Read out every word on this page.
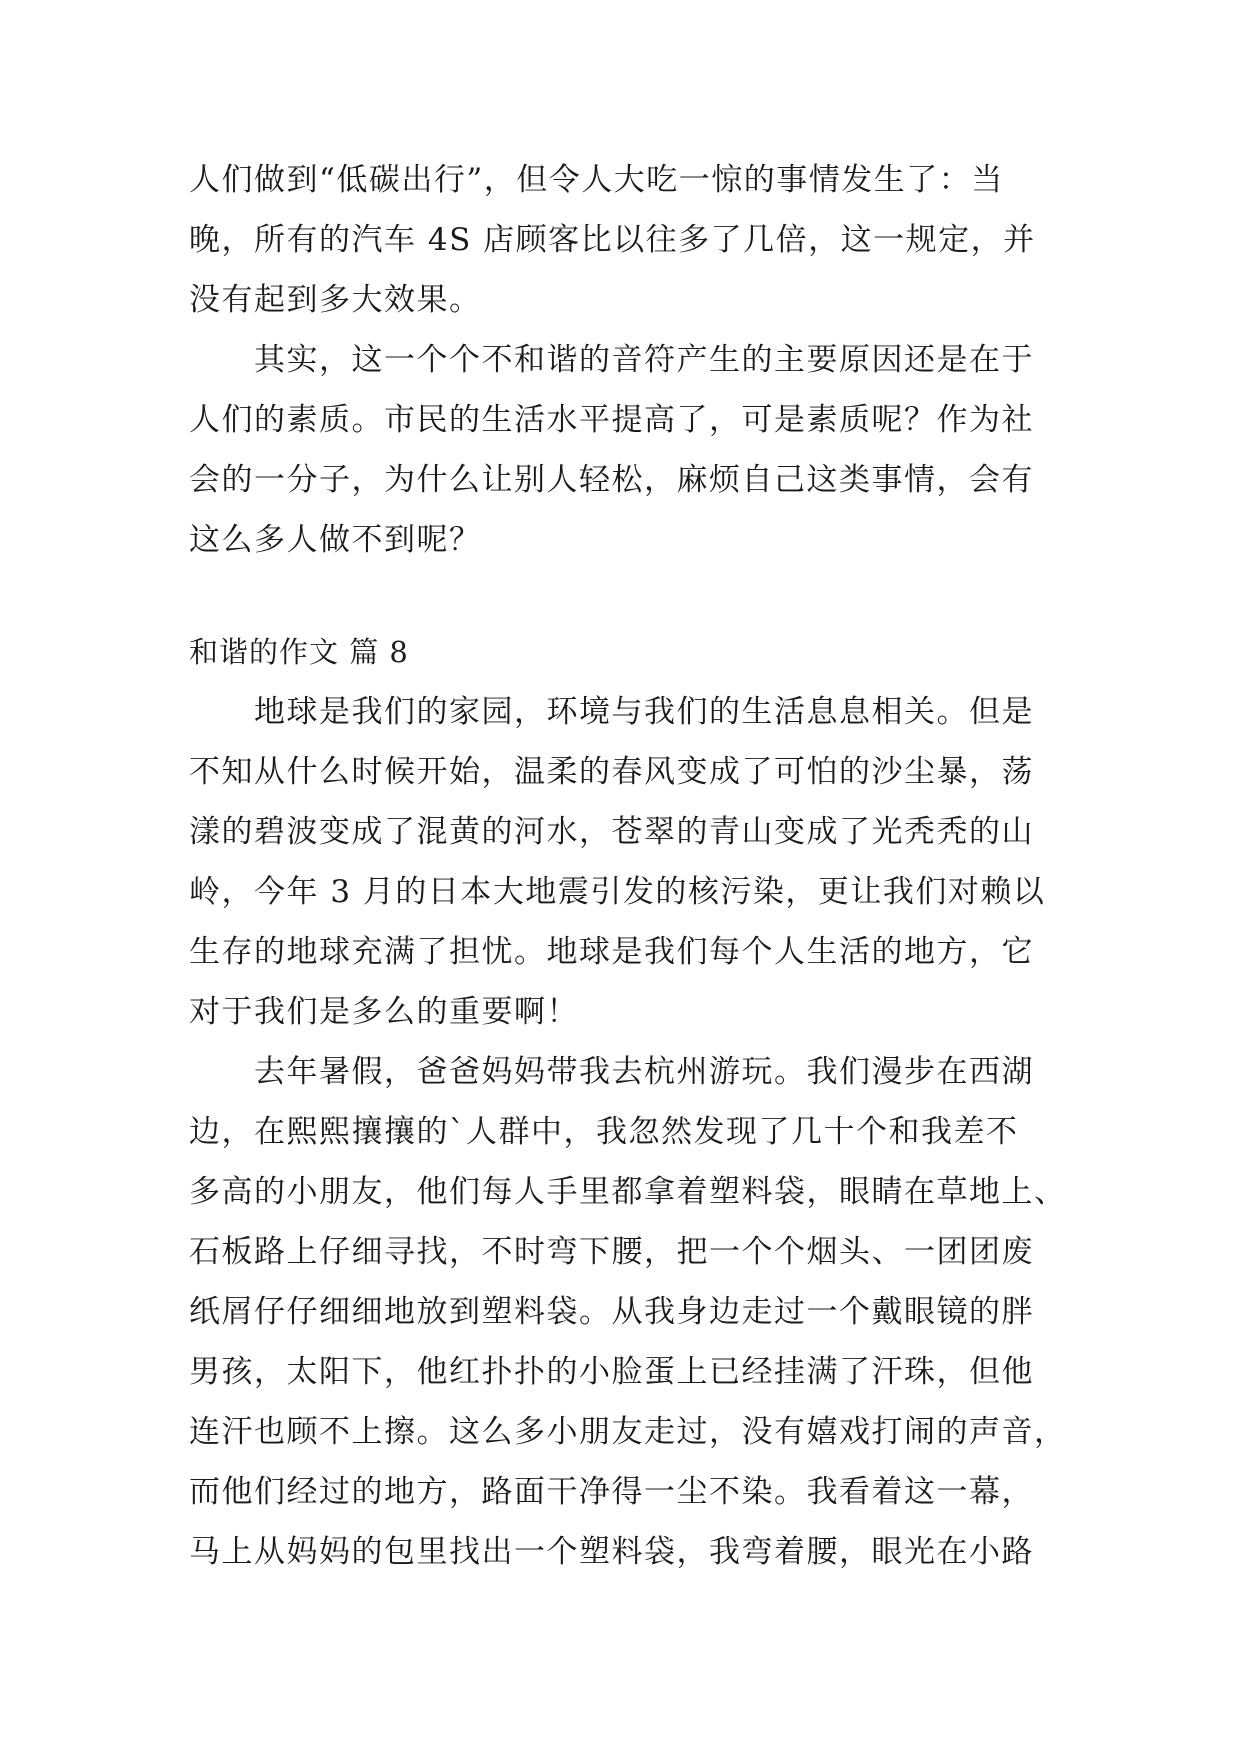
人们做到“低碳出行”，但令人大吃一惊的事情发生了：当
晚，所有的汽车 4S 店顾客比以往多了几倍，这一规定，并
没有起到多大效果。
　　其实，这一个个不和谐的音符产生的主要原因还是在于
人们的素质。市民的生活水平提高了，可是素质呢？作为社
会的一分子，为什么让别人轻松，麻烦自己这类事情，会有
这么多人做不到呢？
和谐的作文 篇 8
　　地球是我们的家园，环境与我们的生活息息相关。但是
不知从什么时候开始，温柔的春风变成了可怕的沙尘暴，荡
漾的碧波变成了混黄的河水，苍翠的青山变成了光秃秃的山
岭，今年 3 月的日本大地震引发的核污染，更让我们对赖以
生存的地球充满了担忧。地球是我们每个人生活的地方，它
对于我们是多么的重要啊！
　　去年暑假，爸爸妈妈带我去杭州游玩。我们漫步在西湖
边，在熙熙攘攘的`人群中，我忽然发现了几十个和我差不
多高的小朋友，他们每人手里都拿着塑料袋，眼睛在草地上、
石板路上仔细寻找，不时弯下腰，把一个个烟头、一团团废
纸屑仔仔细细地放到塑料袋。从我身边走过一个戴眼镜的胖
男孩，太阳下，他红扑扑的小脸蛋上已经挂满了汗珠，但他
连汗也顾不上擦。这么多小朋友走过，没有嬉戏打闹的声音，
而他们经过的地方，路面干净得一尘不染。我看着这一幕，
马上从妈妈的包里找出一个塑料袋，我弯着腰，眼光在小路
